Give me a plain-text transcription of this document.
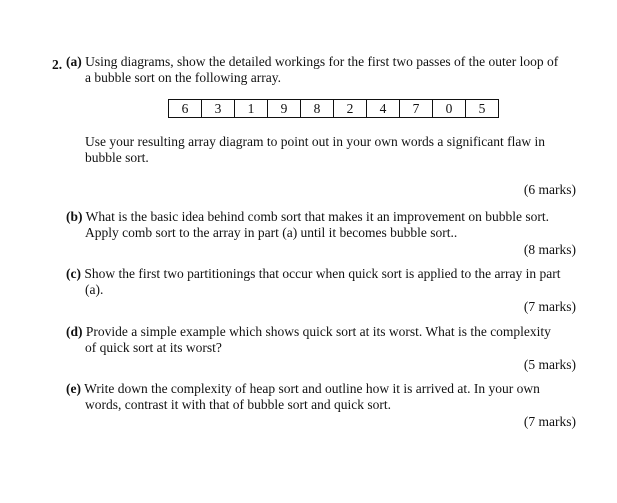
2. (a) Using diagrams, show the detailed workings for the first two passes of the outer loop of
a bubble sort on the following array.
6	3	1	9	8	2	4	7	0	5
Use your resulting array diagram to point out in your own words a significant flaw in
bubble sort.
(6 marks)
(b) What is the basic idea behind comb sort that makes it an improvement on bubble sort.
Apply comb sort to the array in part (a) until it becomes bubble sort..
(8 marks)
(c) Show the first two partitionings that occur when quick sort is applied to the array in part
(a).
(7 marks)
(d) Provide a simple example which shows quick sort at its worst. What is the complexity
of quick sort at its worst?
(5 marks)
(e) Write down the complexity of heap sort and outline how it is arrived at. In your own
words, contrast it with that of bubble sort and quick sort.
(7 marks)
